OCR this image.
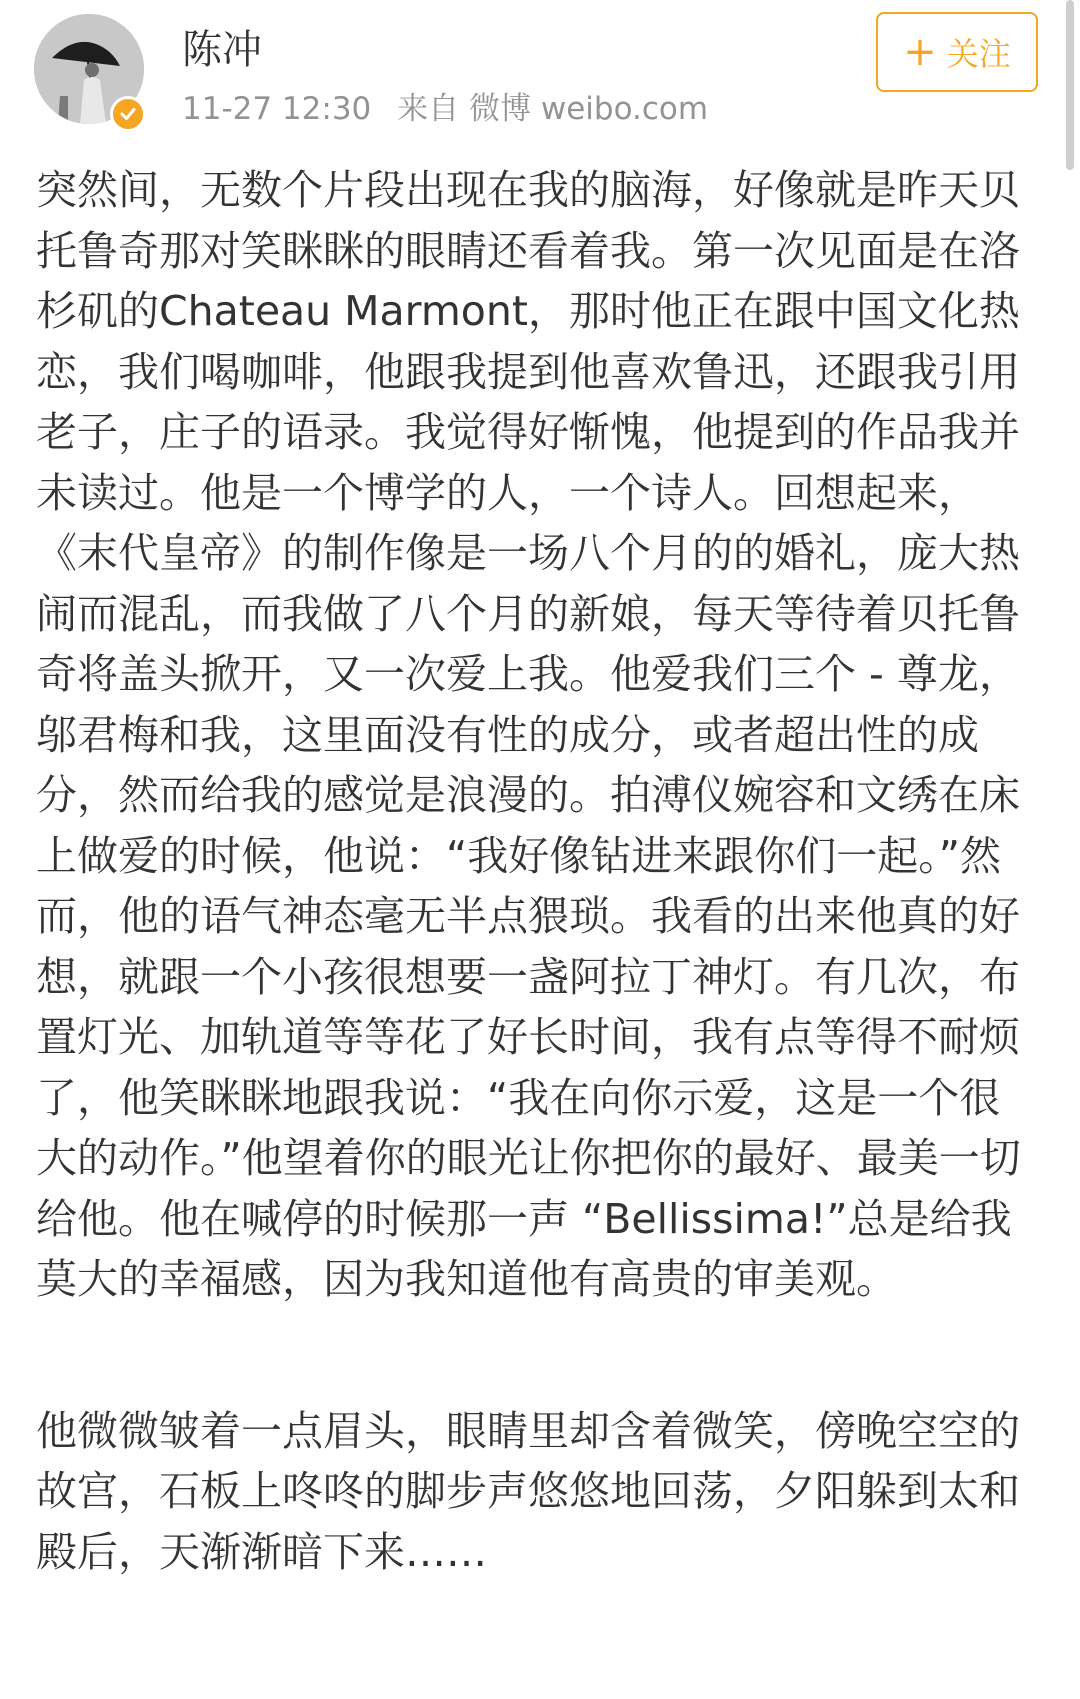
陈冲
11-27 12:30 来自 微博 weibo.com
+ 关注

突然间，无数个片段出现在我的脑海，好像就是昨天贝托鲁奇那对笑眯眯的眼睛还看着我。第一次见面是在洛杉矶的Chateau Marmont，那时他正在跟中国文化热恋，我们喝咖啡，他跟我提到他喜欢鲁迅，还跟我引用老子，庄子的语录。我觉得好惭愧，他提到的作品我并未读过。他是一个博学的人，一个诗人。回想起来，《末代皇帝》的制作像是一场八个月的的婚礼，庞大热闹而混乱，而我做了八个月的新娘，每天等待着贝托鲁奇将盖头掀开，又一次爱上我。他爱我们三个 - 尊龙，邬君梅和我，这里面没有性的成分，或者超出性的成分，然而给我的感觉是浪漫的。拍溥仪婉容和文绣在床上做爱的时候，他说：“我好像钻进来跟你们一起。”然而，他的语气神态毫无半点猥琐。我看的出来他真的好想，就跟一个小孩很想要一盏阿拉丁神灯。有几次，布置灯光、加轨道等等花了好长时间，我有点等得不耐烦了，他笑眯眯地跟我说：“我在向你示爱，这是一个很大的动作。”他望着你的眼光让你把你的最好、最美一切给他。他在喊停的时候那一声 “Bellissima!”总是给我莫大的幸福感，因为我知道他有高贵的审美观。

他微微皱着一点眉头，眼睛里却含着微笑，傍晚空空的故宫，石板上咚咚的脚步声悠悠地回荡，夕阳躲到太和殿后，天渐渐暗下来……
